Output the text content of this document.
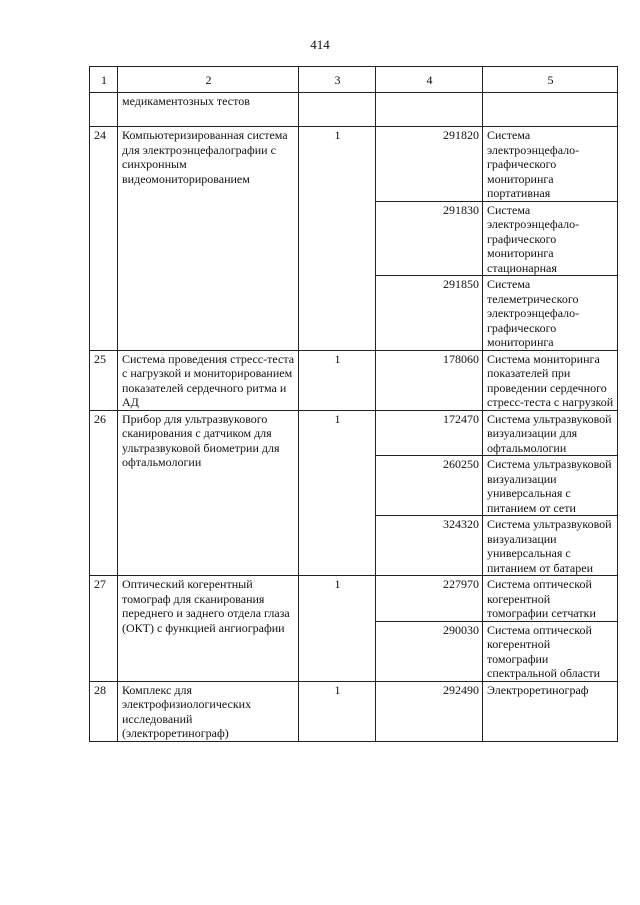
414
1	2	3	4	5
	медикаментозных тестов			
24	Компьютеризированная система для электроэнцефалографии с синхронным видеомониторированием	1	291820	Система электроэнцефало-графического мониторинга портативная
			291830	Система электроэнцефало-графического мониторинга стационарная
			291850	Система телеметрического электроэнцефало-графического мониторинга
25	Система проведения стресс-теста с нагрузкой и мониторированием показателей сердечного ритма и АД	1	178060	Система мониторинга показателей при проведении сердечного стресс-теста с нагрузкой
26	Прибор для ультразвукового сканирования с датчиком для ультразвуковой биометрии для офтальмологии	1	172470	Система ультразвуковой визуализации для офтальмологии
			260250	Система ультразвуковой визуализации универсальная с питанием от сети
			324320	Система ультразвуковой визуализации универсальная с питанием от батареи
27	Оптический когерентный томограф для сканирования переднего и заднего отдела глаза (ОКТ) с функцией ангиографии	1	227970	Система оптической когерентной томографии сетчатки
			290030	Система оптической когерентной томографии спектральной области
28	Комплекс для электрофизиологических исследований (электроретинограф)	1	292490	Электроретинограф
